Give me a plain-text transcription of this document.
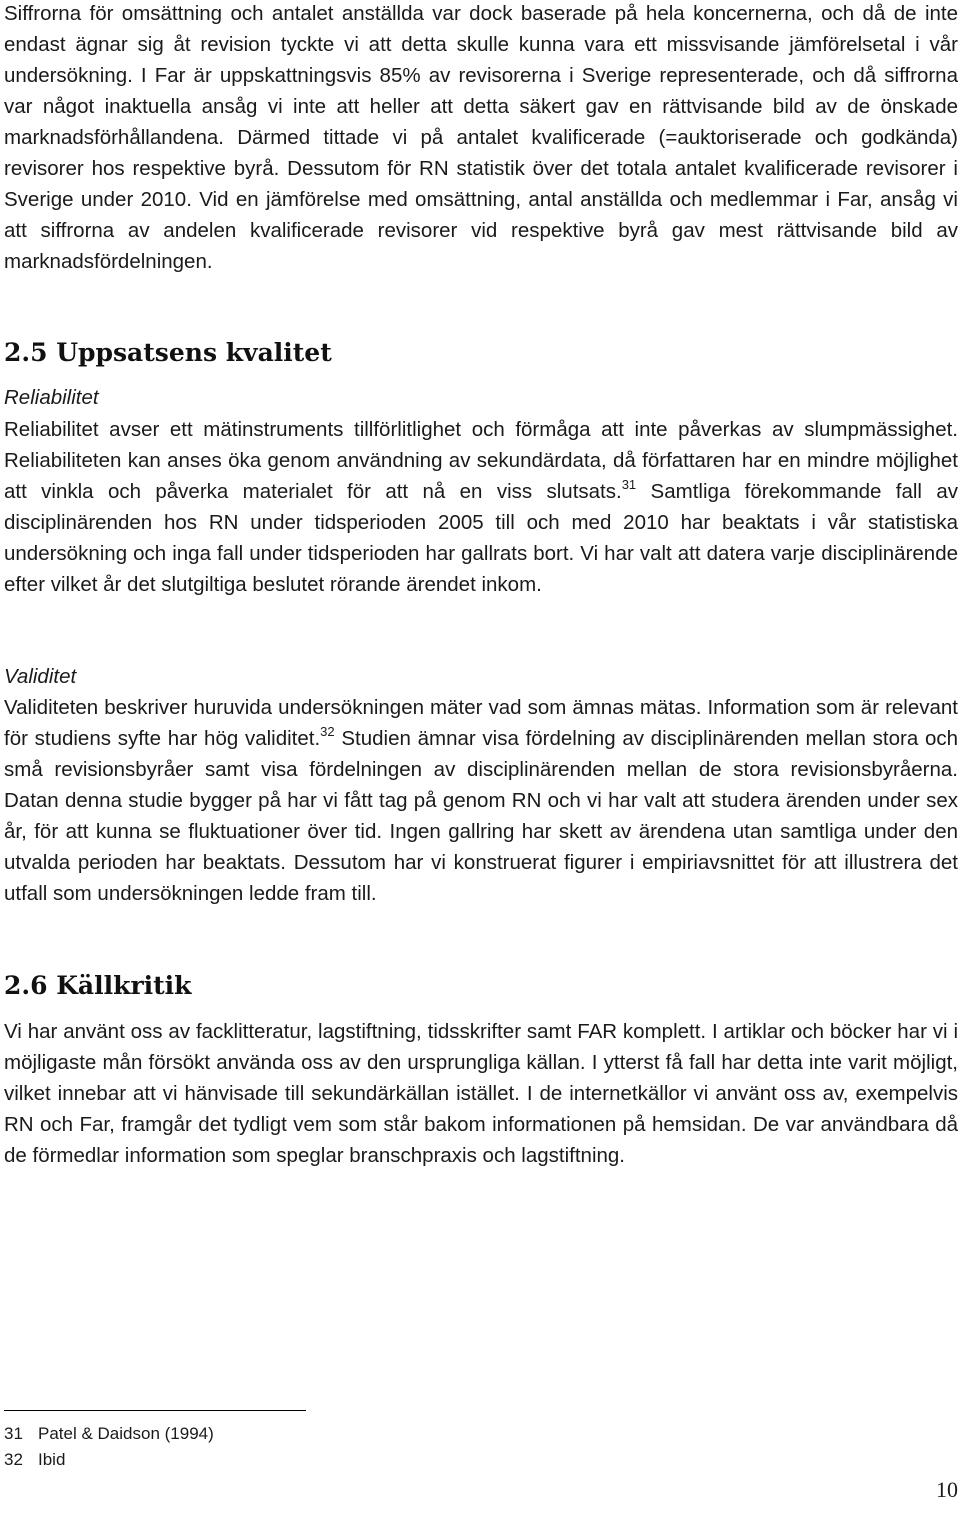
Siffrorna för omsättning och antalet anställda var dock baserade på hela koncernerna, och då de inte endast ägnar sig åt revision tyckte vi att detta skulle kunna vara ett missvisande jämförelsetal i vår undersökning. I Far är uppskattningsvis 85% av revisorerna i Sverige representerade, och då siffrorna var något inaktuella ansåg vi inte att heller att detta säkert gav en rättvisande bild av de önskade marknadsförhållandena. Därmed tittade vi på antalet kvalificerade (=auktoriserade och godkända) revisorer hos respektive byrå. Dessutom för RN statistik över det totala antalet kvalificerade revisorer i Sverige under 2010. Vid en jämförelse med omsättning, antal anställda och medlemmar i Far, ansåg vi att siffrorna av andelen kvalificerade revisorer vid respektive byrå gav mest rättvisande bild av marknadsfördelningen.

2.5 Uppsatsens kvalitet
Reliabilitet

Reliabilitet avser ett mätinstruments tillförlitlighet och förmåga att inte påverkas av slumpmässighet. Reliabiliteten kan anses öka genom användning av sekundärdata, då författaren har en mindre möjlighet att vinkla och påverka materialet för att nå en viss slutsats.$^{31}$ Samtliga förekommande fall av disciplinärenden hos RN under tidsperioden 2005 till och med 2010 har beaktats i vår statistiska undersökning och inga fall under tidsperioden har gallrats bort. Vi har valt att datera varje disciplinärende efter vilket år det slutgiltiga beslutet rörande ärendet inkom.

Validitet

Validiteten beskriver huruvida undersökningen mäter vad som ämnas mätas. Information som är relevant för studiens syfte har hög validitet.$^{32}$ Studien ämnar visa fördelning av disciplinärenden mellan stora och små revisionsbyråer samt visa fördelningen av disciplinärenden mellan de stora revisionsbyråerna. Datan denna studie bygger på har vi fått tag på genom RN och vi har valt att studera ärenden under sex år, för att kunna se fluktuationer över tid. Ingen gallring har skett av ärendena utan samtliga under den utvalda perioden har beaktats. Dessutom har vi konstruerat figurer i empiriavsnittet för att illustrera det utfall som undersökningen ledde fram till.

2.6 Källkritik

Vi har använt oss av facklitteratur, lagstiftning, tidsskrifter samt FAR komplett. I artiklar och böcker har vi i möjligaste mån försökt använda oss av den ursprungliga källan. I ytterst få fall har detta inte varit möjligt, vilket innebar att vi hänvisade till sekundärkällan istället. I de internetkällor vi använt oss av, exempelvis RN och Far, framgår det tydligt vem som står bakom informationen på hemsidan. De var användbara då de förmedlar information som speglar branschpraxis och lagstiftning.

31 Patel & Daidson (1994)
32 Ibid
10
